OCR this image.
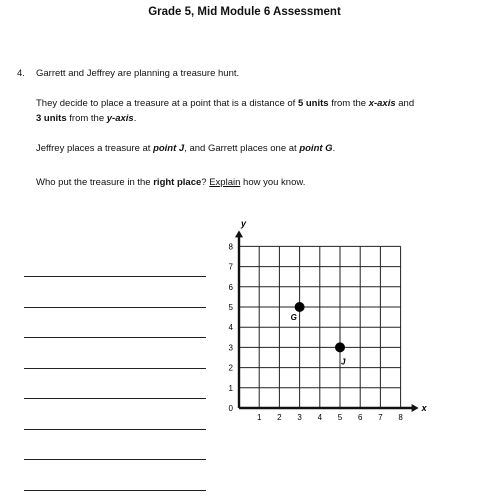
Grade 5, Mid Module 6 Assessment
4. Garrett and Jeffrey are planning a treasure hunt.
They decide to place a treasure at a point that is a distance of 5 units from the x-axis and
3 units from the y-axis.
Jeffrey places a treasure at point J, and Garrett places one at point G.
Who put the treasure in the right place? Explain how you know.
x
y
1 2 3 4 5 6 7 8
0
1
2
3
4
5
6
7
8
G
J
